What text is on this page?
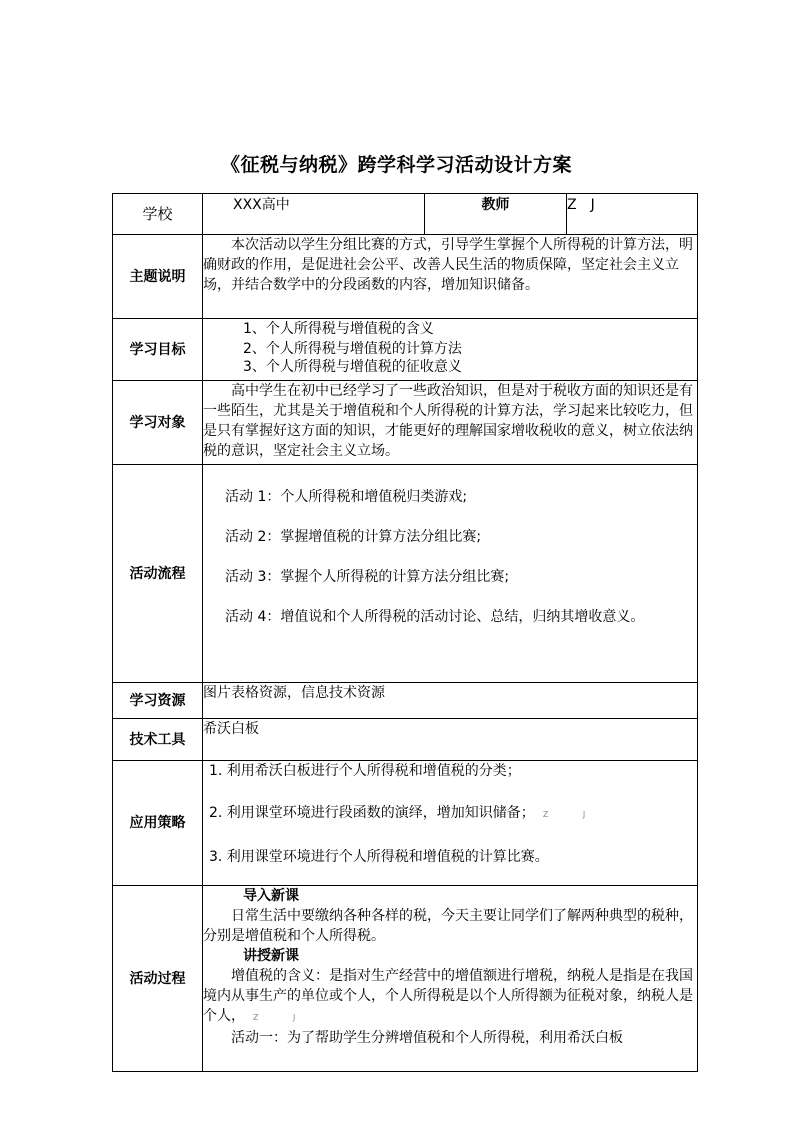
《征税与纳税》跨学科学习活动设计方案
学校	XXX高中	教师	Z　J
主题说明	本次活动以学生分组比赛的方式，引导学生掌握个人所得税的计算方法，明确财政的作用，是促进社会公平、改善人民生活的物质保障，坚定社会主义立场，并结合数学中的分段函数的内容，增加知识储备。		

学习目标	1、个人所得税与增值税的含义

2、个人所得税与增值税的计算方法

3、个人所得税与增值税的征收意义		

学习对象	高中学生在初中已经学习了一些政治知识，但是对于税收方面的知识还是有一些陌生，尤其是关于增值税和个人所得税的计算方法，学习起来比较吃力，但是只有掌握好这方面的知识，才能更好的理解国家增收税收的意义，树立依法纳税的意识，坚定社会主义立场。		

活动流程	活动 1：个人所得税和增值税归类游戏;

活动 2：掌握增值税的计算方法分组比赛;

活动 3：掌握个人所得税的计算方法分组比赛;

活动 4：增值说和个人所得税的活动讨论、总结，归纳其增收意义。		

学习资源	图片表格资源，信息技术资源		
技术工具	希沃白板		
应用策略	1. 利用希沃白板进行个人所得税和增值税的分类；

2. 利用课堂环境进行段函数的演绎，增加知识储备； Z J

3. 利用课堂环境进行个人所得税和增值税的计算比赛。		

活动过程	导入新课

日常生活中要缴纳各种各样的税，今天主要让同学们了解两种典型的税种，分别是增值税和个人所得税。

讲授新课

增值税的含义：是指对生产经营中的增值额进行增税，纳税人是指是在我国境内从事生产的单位或个人，个人所得税是以个人所得额为征税对象，纳税人是个人， Z J

活动一：为了帮助学生分辨增值税和个人所得税，利用希沃白板		
